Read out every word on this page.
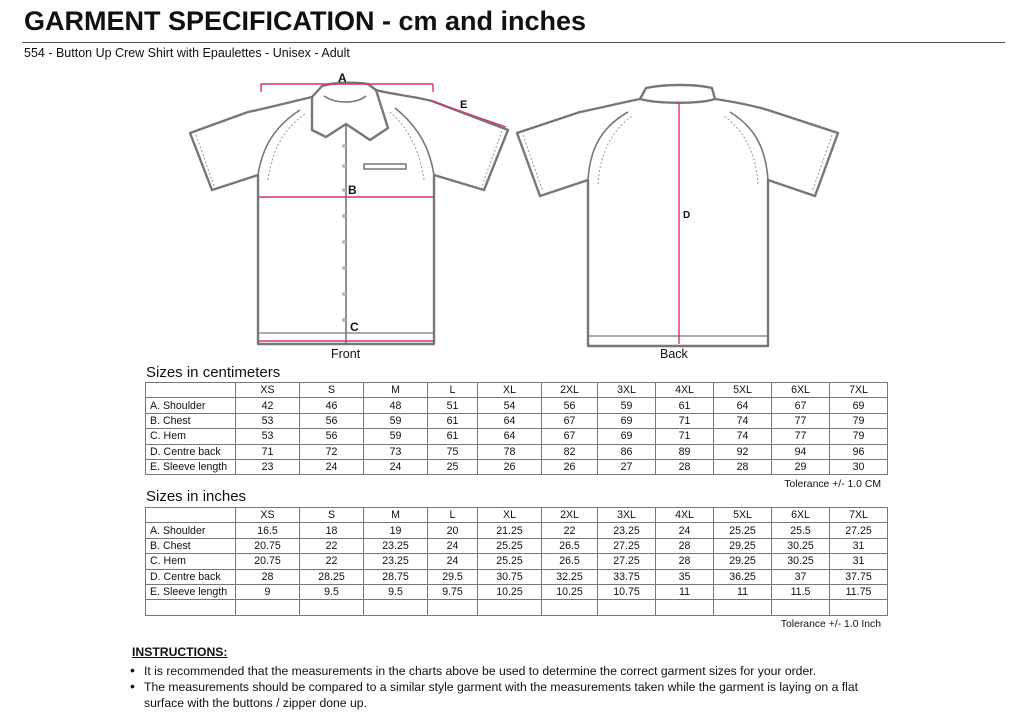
GARMENT SPECIFICATION - cm and inches
554 - Button Up Crew Shirt with Epaulettes - Unisex - Adult
A
B
C
D
E
Front	Back
Sizes in centimeters
	XS	S	M	L	XL	2XL	3XL	4XL	5XL	6XL	7XL
A. Shoulder	42	46	48	51	54	56	59	61	64	67	69
B. Chest	53	56	59	61	64	67	69	71	74	77	79
C. Hem	53	56	59	61	64	67	69	71	74	77	79
D. Centre back	71	72	73	75	78	82	86	89	92	94	96
E. Sleeve length	23	24	24	25	26	26	27	28	28	29	30
Tolerance +/- 1.0 CM
Sizes in inches
	XS	S	M	L	XL	2XL	3XL	4XL	5XL	6XL	7XL
A. Shoulder	16.5	18	19	20	21.25	22	23.25	24	25.25	25.5	27.25
B. Chest	20.75	22	23.25	24	25.25	26.5	27.25	28	29.25	30.25	31
C. Hem	20.75	22	23.25	24	25.25	26.5	27.25	28	29.25	30.25	31
D. Centre back	28	28.25	28.75	29.5	30.75	32.25	33.75	35	36.25	37	37.75
E. Sleeve length	9	9.5	9.5	9.75	10.25	10.25	10.75	11	11	11.5	11.75

Tolerance +/- 1.0 Inch
INSTRUCTIONS:
• It is recommended that the measurements in the charts above be used to determine the correct garment sizes for your order.
• The measurements should be compared to a similar style garment with the measurements taken while the garment is laying on a flat surface with the buttons / zipper done up.
